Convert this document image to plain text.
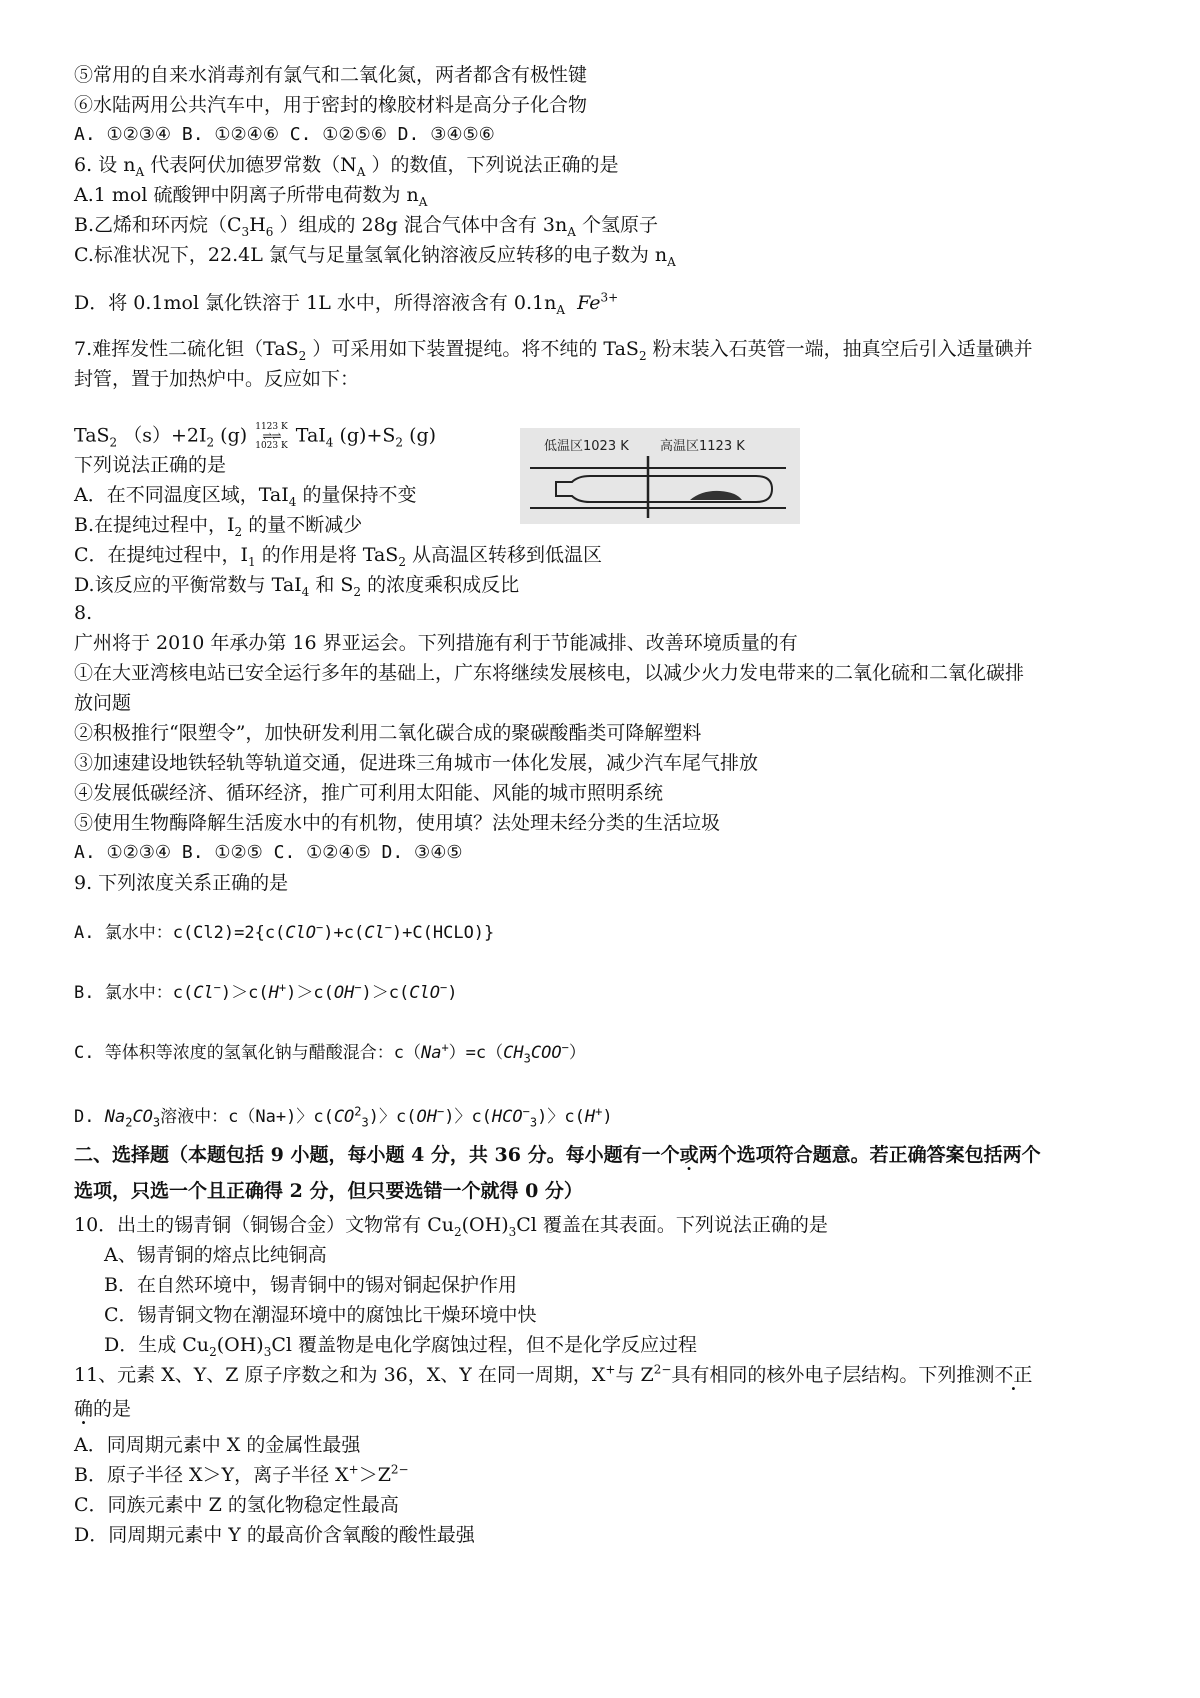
⑤常用的自来水消毒剂有氯气和二氧化氮，两者都含有极性键
⑥水陆两用公共汽车中，用于密封的橡胶材料是高分子化合物
A. ①②③④ B. ①②④⑥ C. ①②⑤⑥ D. ③④⑤⑥
6. 设 $n_A$ 代表阿伏加德罗常数（$N_A$ ）的数值，下列说法正确的是
A.1 mol 硫酸钾中阴离子所带电荷数为 $n_A$
B.乙烯和环丙烷（$C_3H_6$ ）组成的 28g 混合气体中含有 $3n_A$ 个氢原子
C.标准状况下，22.4L 氯气与足量氢氧化钠溶液反应转移的电子数为 $n_A$
D．将 0.1mol 氯化铁溶于 1L 水中，所得溶液含有 $0.1n_A$ $Fe^{3+}$
7.难挥发性二硫化钽（TaS$_2$ ）可采用如下装置提纯。将不纯的 TaS$_2$ 粉末装入石英管一端，抽真空后引入适量碘并
封管，置于加热炉中。反应如下：
TaS$_2$ $(s)+2I_2$ (g) 1123 K
⇌⇌
1023 K TaI$_4$ $(g)+S_2$ (g)	低温区1023 K 高温区1123 K
下列说法正确的是
A．在不同温度区域，TaI$_4$ 的量保持不变
B.在提纯过程中，$I_2$ 的量不断减少
C．在提纯过程中，$I_1$ 的作用是将 TaS$_2$ 从高温区转移到低温区
D.该反应的平衡常数与 TaI$_4$ 和 $S_2$ 的浓度乘积成反比
8.
广州将于 2010 年承办第 16 界亚运会。下列措施有利于节能减排、改善环境质量的有
①在大亚湾核电站已安全运行多年的基础上，广东将继续发展核电，以减少火力发电带来的二氧化硫和二氧化碳排
放问题
②积极推行“限塑令”，加快研发利用二氧化碳合成的聚碳酸酯类可降解塑料
③加速建设地铁轻轨等轨道交通，促进珠三角城市一体化发展，减少汽车尾气排放
④发展低碳经济、循环经济，推广可利用太阳能、风能的城市照明系统
⑤使用生物酶降解生活废水中的有机物，使用填？法处理未经分类的生活垃圾
A. ①②③④ B. ①②⑤ C. ①②④⑤ D. ③④⑤
9. 下列浓度关系正确的是
A. 氯水中：c(Cl2)=2{c(ClO−)+c(Cl−)+C(HCLO)}
B. 氯水中：c(Cl−)＞c(H+)＞c(OH−)＞c(ClO−)
C. 等体积等浓度的氢氧化钠与醋酸混合：$c(Na^+)=c(CH_3COO^-)$
D. $Na_2CO_3$溶液中：c（Na+)〉$c(CO^2_3)$〉c(OH−)〉$c(HCO^-_3)$〉c(H+)
二、选择题（本题包括 9 小题，每小题 4 分，共 36 分。每小题有一个或两个 ·选项符合题意。若正确答案包括两个
选项，只选一个且正确得 2 分，但只要选错一个就得 0 分）
10．出土的锡青铜（铜锡合金）文物常有 $Cu_2(OH)_3Cl$ 覆盖在其表面。下列说法正确的是
A、锡青铜的熔点比纯铜高
B．在自然环境中，锡青铜中的锡对铜起保护作用
C．锡青铜文物在潮湿环境中的腐蚀比干燥环境中快
D．生成 $Cu_2(OH)_3Cl$ 覆盖物是电化学腐蚀过程，但不是化学反应过程
11、元素 X、Y、Z 原子序数之和为 36，X、Y 在同一周期，X+与 $Z^{2-}$具有相同的核外电子层结构。下列推测不正
确的是
A．同周期元素中 X 的金属性最强
B．原子半径 X＞Y，离子半径 $X^+>Z^{2-}$
C．同族元素中 Z 的氢化物稳定性最高
D．同周期元素中 Y 的最高价含氧酸的酸性最强
